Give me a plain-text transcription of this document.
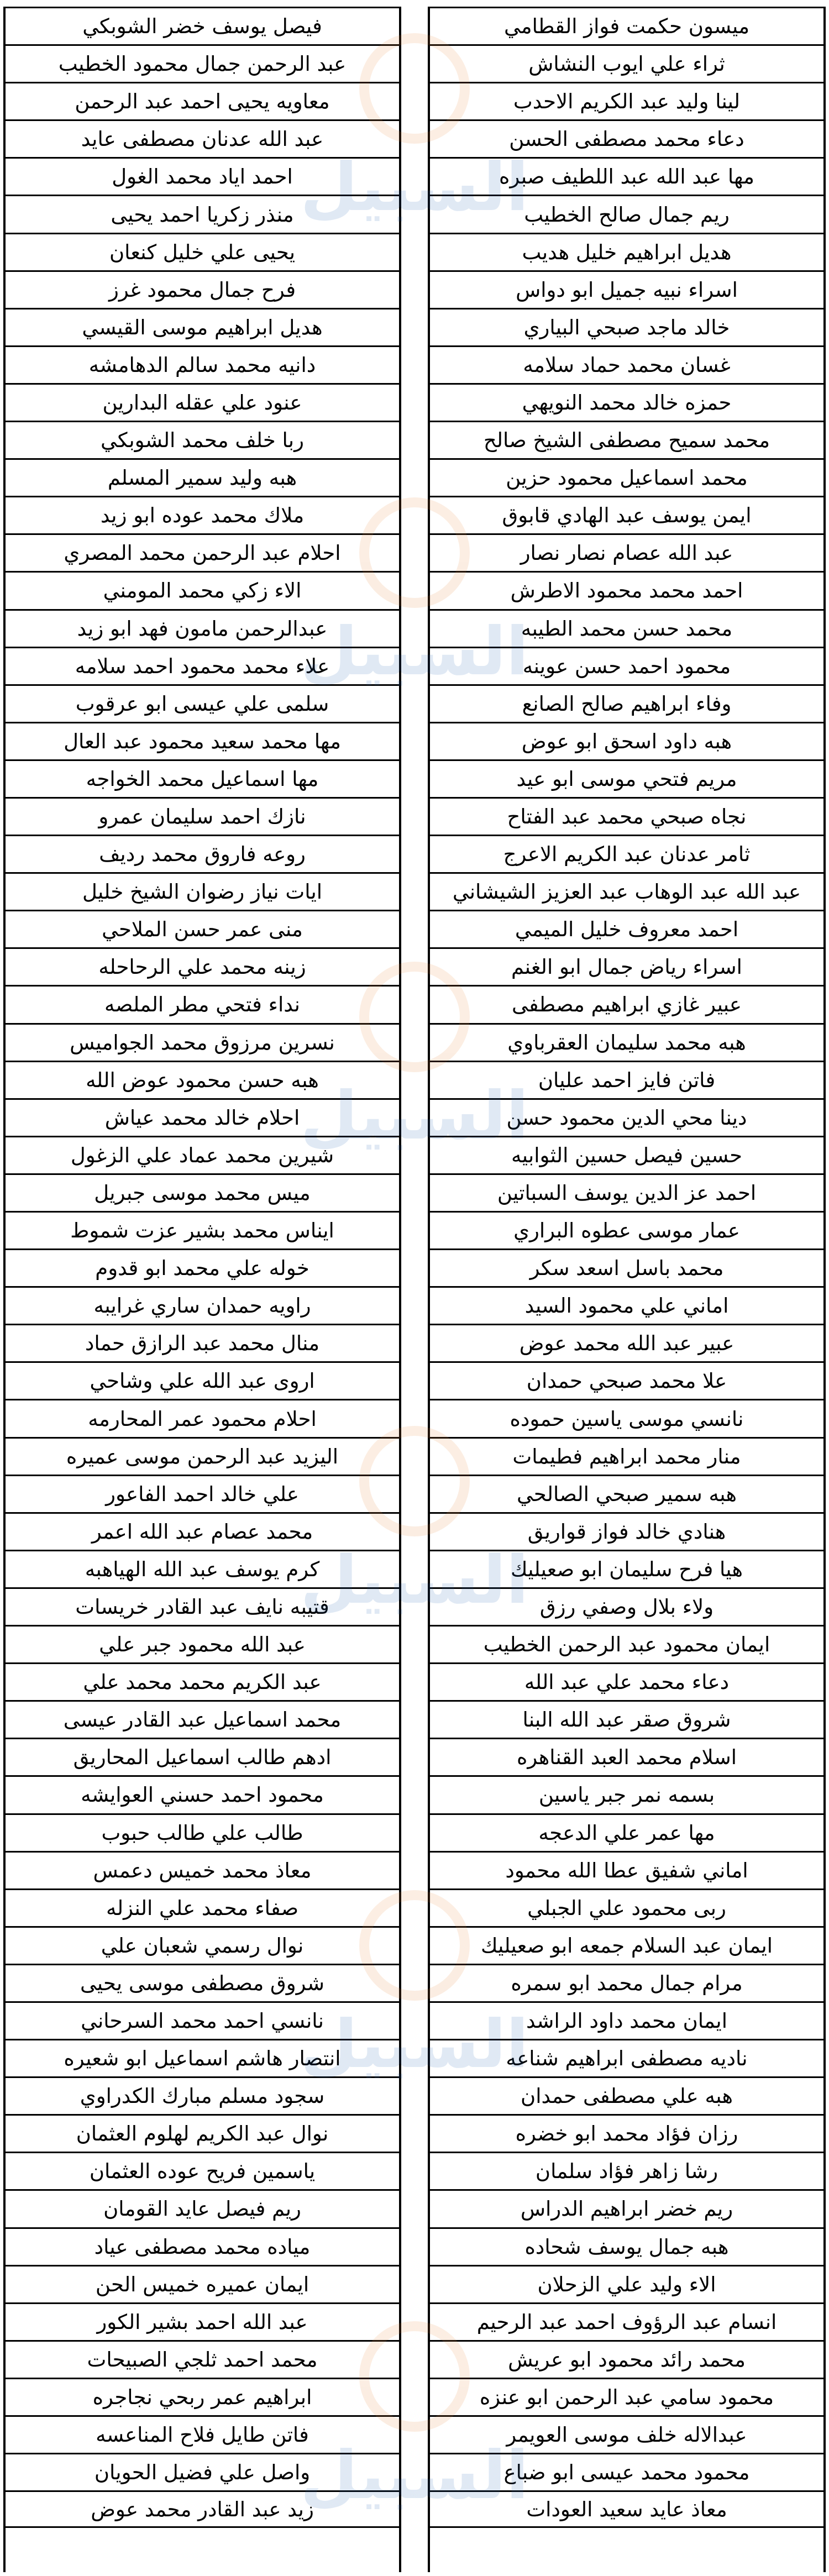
ميسون حكمت فواز القطامي
ثراء علي ايوب النشاش
لينا وليد عبد الكريم الاحدب
دعاء محمد مصطفى الحسن
مها عبد الله عبد اللطيف صبره
ريم جمال صالح الخطيب
هديل ابراهيم خليل هديب
اسراء نبيه جميل ابو دواس
خالد ماجد صبحي البياري
غسان محمد حماد سلامه
حمزه خالد محمد النويهي
محمد سميح مصطفى الشيخ صالح
محمد اسماعيل محمود حزين
ايمن يوسف عبد الهادي قابوق
عبد الله عصام نصار نصار
احمد محمد محمود الاطرش
محمد حسن محمد الطيبه
محمود احمد حسن عوينه
وفاء ابراهيم صالح الصانع
هبه داود اسحق ابو عوض
مريم فتحي موسى ابو عيد
نجاه صبحي محمد عبد الفتاح
ثامر عدنان عبد الكريم الاعرج
عبد الله عبد الوهاب عبد العزيز الشيشاني
احمد معروف خليل الميمي
اسراء رياض جمال ابو الغنم
عبير غازي ابراهيم مصطفى
هبه محمد سليمان العقرباوي
فاتن فايز احمد عليان
دينا محي الدين محمود حسن
حسين فيصل حسين الثوابيه
احمد عز الدين يوسف السباتين
عمار موسى عطوه البراري
محمد باسل اسعد سكر
اماني علي محمود السيد
عبير عبد الله محمد عوض
علا محمد صبحي حمدان
نانسي موسى ياسين حموده
منار محمد ابراهيم فطيمات
هبه سمير صبحي الصالحي
هنادي خالد فواز قواريق
هيا فرح سليمان ابو صعيليك
ولاء بلال وصفي رزق
ايمان محمود عبد الرحمن الخطيب
دعاء محمد علي عبد الله
شروق صقر عبد الله البنا
اسلام محمد العبد القناهره
بسمه نمر جبر ياسين
مها عمر علي الدعجه
اماني شفيق عطا الله محمود
ربى محمود علي الجبلي
ايمان عبد السلام جمعه ابو صعيليك
مرام جمال محمد ابو سمره
ايمان محمد داود الراشد
ناديه مصطفى ابراهيم شناعه
هبه علي مصطفى حمدان
رزان فؤاد محمد ابو خضره
رشا زاهر فؤاد سلمان
ريم خضر ابراهيم الدراس
هبه جمال يوسف شحاده
الاء وليد علي الزحلان
انسام عبد الرؤوف احمد عبد الرحيم
محمد رائد محمود ابو عريش
محمود سامي عبد الرحمن ابو عنزه
عبدالاله خلف موسى العويمر
محمود محمد عيسى ابو ضباع
معاذ عايد سعيد العودات
فيصل يوسف خضر الشوبكي
عبد الرحمن جمال محمود الخطيب
معاويه يحيى احمد عبد الرحمن
عبد الله عدنان مصطفى عايد
احمد اياد محمد الغول
منذر زكريا احمد يحيى
يحيى علي خليل كنعان
فرح جمال محمود غرز
هديل ابراهيم موسى القيسي
دانيه محمد سالم الدهامشه
عنود علي عقله البدارين
ربا خلف محمد الشوبكي
هبه وليد سمير المسلم
ملاك محمد عوده ابو زيد
احلام عبد الرحمن محمد المصري
الاء زكي محمد المومني
عبدالرحمن مامون فهد ابو زيد
علاء محمد محمود احمد سلامه
سلمى علي عيسى ابو عرقوب
مها محمد سعيد محمود عبد العال
مها اسماعيل محمد الخواجه
نازك احمد سليمان عمرو
روعه فاروق محمد رديف
ايات نياز رضوان الشيخ خليل
منى عمر حسن الملاحي
زينه محمد علي الرحاحله
نداء فتحي مطر الملصه
نسرين مرزوق محمد الجواميس
هبه حسن محمود عوض الله
احلام خالد محمد عياش
شيرين محمد عماد علي الزغول
ميس محمد موسى جبريل
ايناس محمد بشير عزت شموط
خوله علي محمد ابو قدوم
راويه حمدان ساري غرايبه
منال محمد عبد الرازق حماد
اروى عبد الله علي وشاحي
احلام محمود عمر المحارمه
اليزيد عبد الرحمن موسى عميره
علي خالد احمد الفاعور
محمد عصام عبد الله اعمر
كرم يوسف عبد الله الهياهبه
قتيبه نايف عبد القادر خريسات
عبد الله محمود جبر علي
عبد الكريم محمد محمد علي
محمد اسماعيل عبد القادر عيسى
ادهم طالب اسماعيل المحاريق
محمود احمد حسني العوايشه
طالب علي طالب حبوب
معاذ محمد خميس دعمس
صفاء محمد علي النزله
نوال رسمي شعبان علي
شروق مصطفى موسى يحيى
نانسي احمد محمد السرحاني
انتصار هاشم اسماعيل ابو شعيره
سجود مسلم مبارك الكدراوي
نوال عبد الكريم لهلوم العثمان
ياسمين فريح عوده العثمان
ريم فيصل عايد القومان
مياده محمد مصطفى عياد
ايمان عميره خميس الحن
عبد الله احمد بشير الكور
محمد احمد ثلجي الصبيحات
ابراهيم عمر ربحي نجاجره
فاتن طايل فلاح المناعسه
واصل علي فضيل الحويان
زيد عبد القادر محمد عوض
السبيل
السبيل
السبيل
السبيل
السبيل
السبيل
